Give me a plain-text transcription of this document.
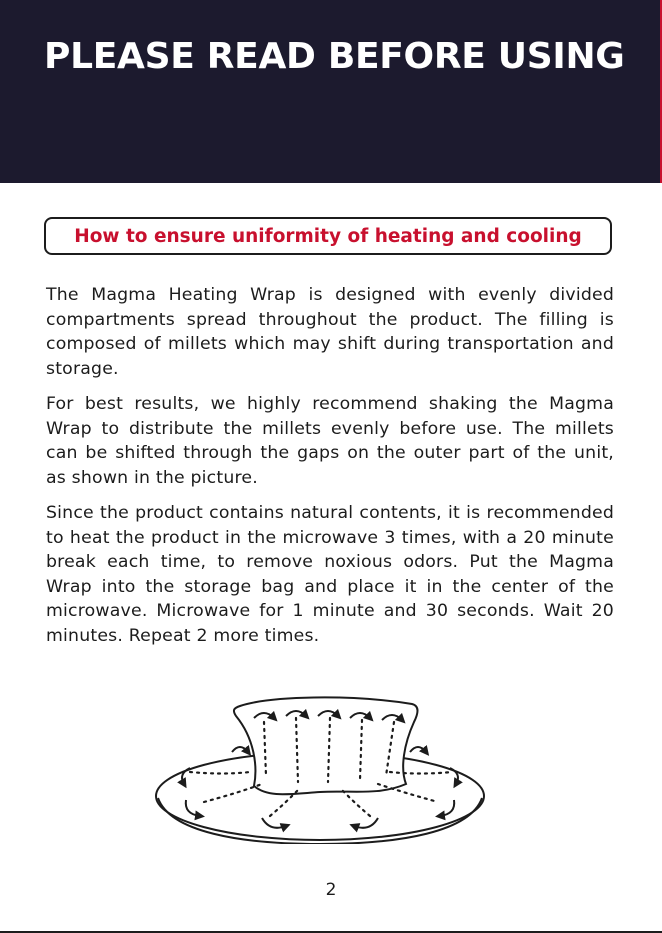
PLEASE READ BEFORE USING
How to ensure uniformity of heating and cooling

The Magma Heating Wrap is designed with evenly divided compartments spread throughout the product. The filling is composed of millets which may shift during transportation and storage.

For best results, we highly recommend shaking the Magma Wrap to distribute the millets evenly before use. The millets can be shifted through the gaps on the outer part of the unit, as shown in the picture.

Since the product contains natural contents, it is recommended to heat the product in the microwave 3 times, with a 20 minute break each time, to remove noxious odors. Put the Magma Wrap into the storage bag and place it in the center of the microwave. Microwave for 1 minute and 30 seconds. Wait 20 minutes. Repeat 2 more times.

2
